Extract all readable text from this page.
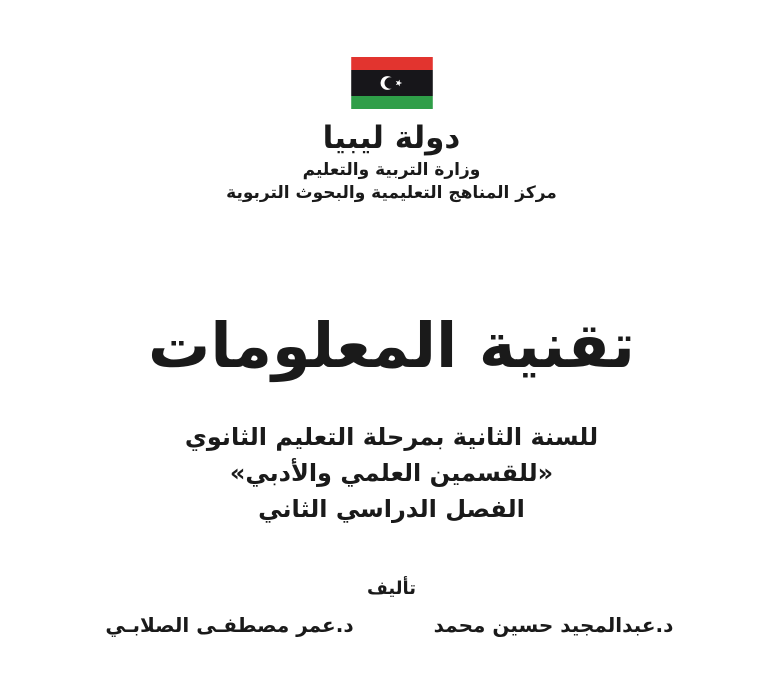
دولة ليبيا
وزارة التربية والتعليم
مركز المناهج التعليمية والبحوث التربوية
تقنية المعلومات
للسنة الثانية بمرحلة التعليم الثانوي
«للقسمين العلمي والأدبي»
الفصل الدراسي الثاني
تأليف
د.عبدالمجيد حسين محمد
د.عمر مصطفـى الصلابـي
